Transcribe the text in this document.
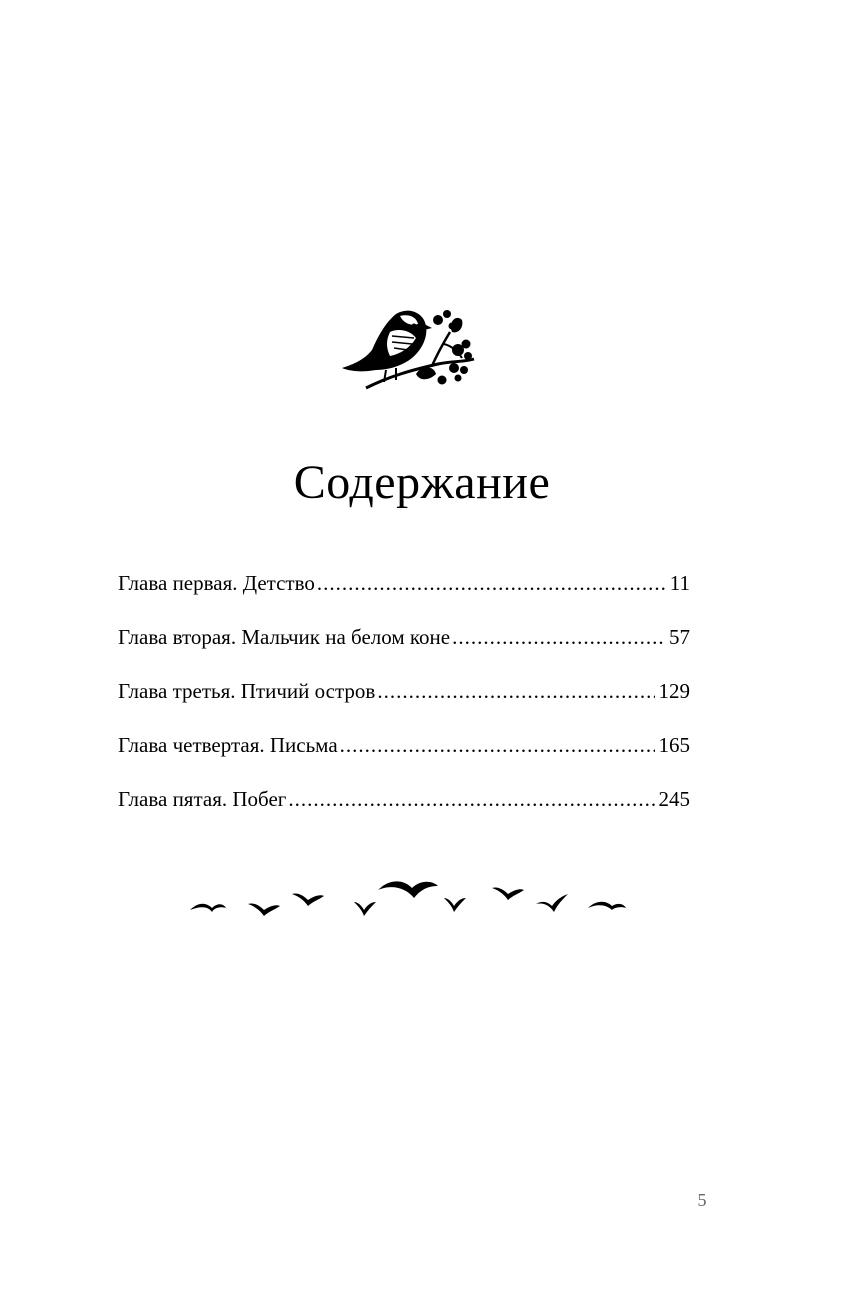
Содержание
Глава первая. Детство .....	11
Глава вторая. Мальчик на белом коне .....	57
Глава третья. Птичий остров .....	129
Глава четвертая. Письма .....	165
Глава пятая. Побег .....	245
5
